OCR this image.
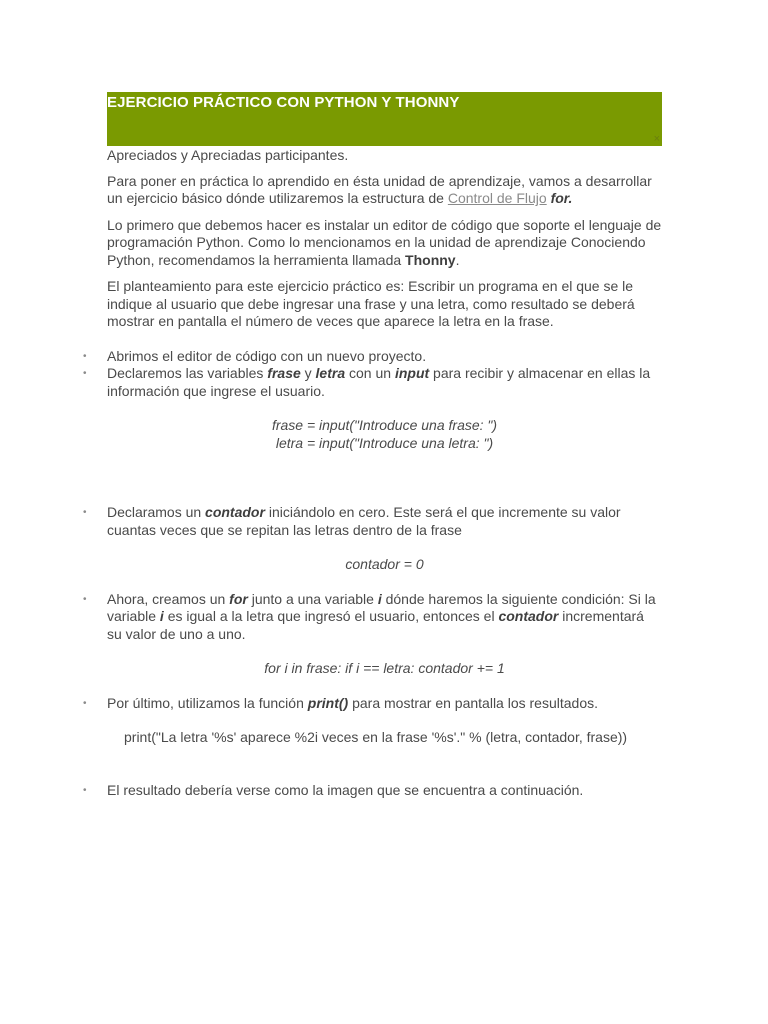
EJERCICIO PRÁCTICO CON PYTHON Y THONNY
×

Apreciados y Apreciadas participantes.

Para poner en práctica lo aprendido en ésta unidad de aprendizaje, vamos a desarrollar un ejercicio básico dónde utilizaremos la estructura de Control de Flujo for.

Lo primero que debemos hacer es instalar un editor de código que soporte el lenguaje de programación Python. Como lo mencionamos en la unidad de aprendizaje Conociendo Python, recomendamos la herramienta llamada Thonny.

El planteamiento para este ejercicio práctico es: Escribir un programa en el que se le indique al usuario que debe ingresar una frase y una letra, como resultado se deberá mostrar en pantalla el número de veces que aparece la letra en la frase.

• Abrimos el editor de código con un nuevo proyecto.
• Declaremos las variables frase y letra con un input para recibir y almacenar en ellas la información que ingrese el usuario.
frase = input("Introduce una frase: ")
letra = input("Introduce una letra: ")
• Declaramos un contador iniciándolo en cero. Este será el que incremente su valor cuantas veces que se repitan las letras dentro de la frase
contador = 0
• Ahora, creamos un for junto a una variable i dónde haremos la siguiente condición: Si la variable i es igual a la letra que ingresó el usuario, entonces el contador incrementará su valor de uno a uno.
for i in frase: if i == letra: contador += 1
• Por último, utilizamos la función print() para mostrar en pantalla los resultados.
print("La letra '%s' aparece %2i veces en la frase '%s'." % (letra, contador, frase))
• El resultado debería verse como la imagen que se encuentra a continuación.
